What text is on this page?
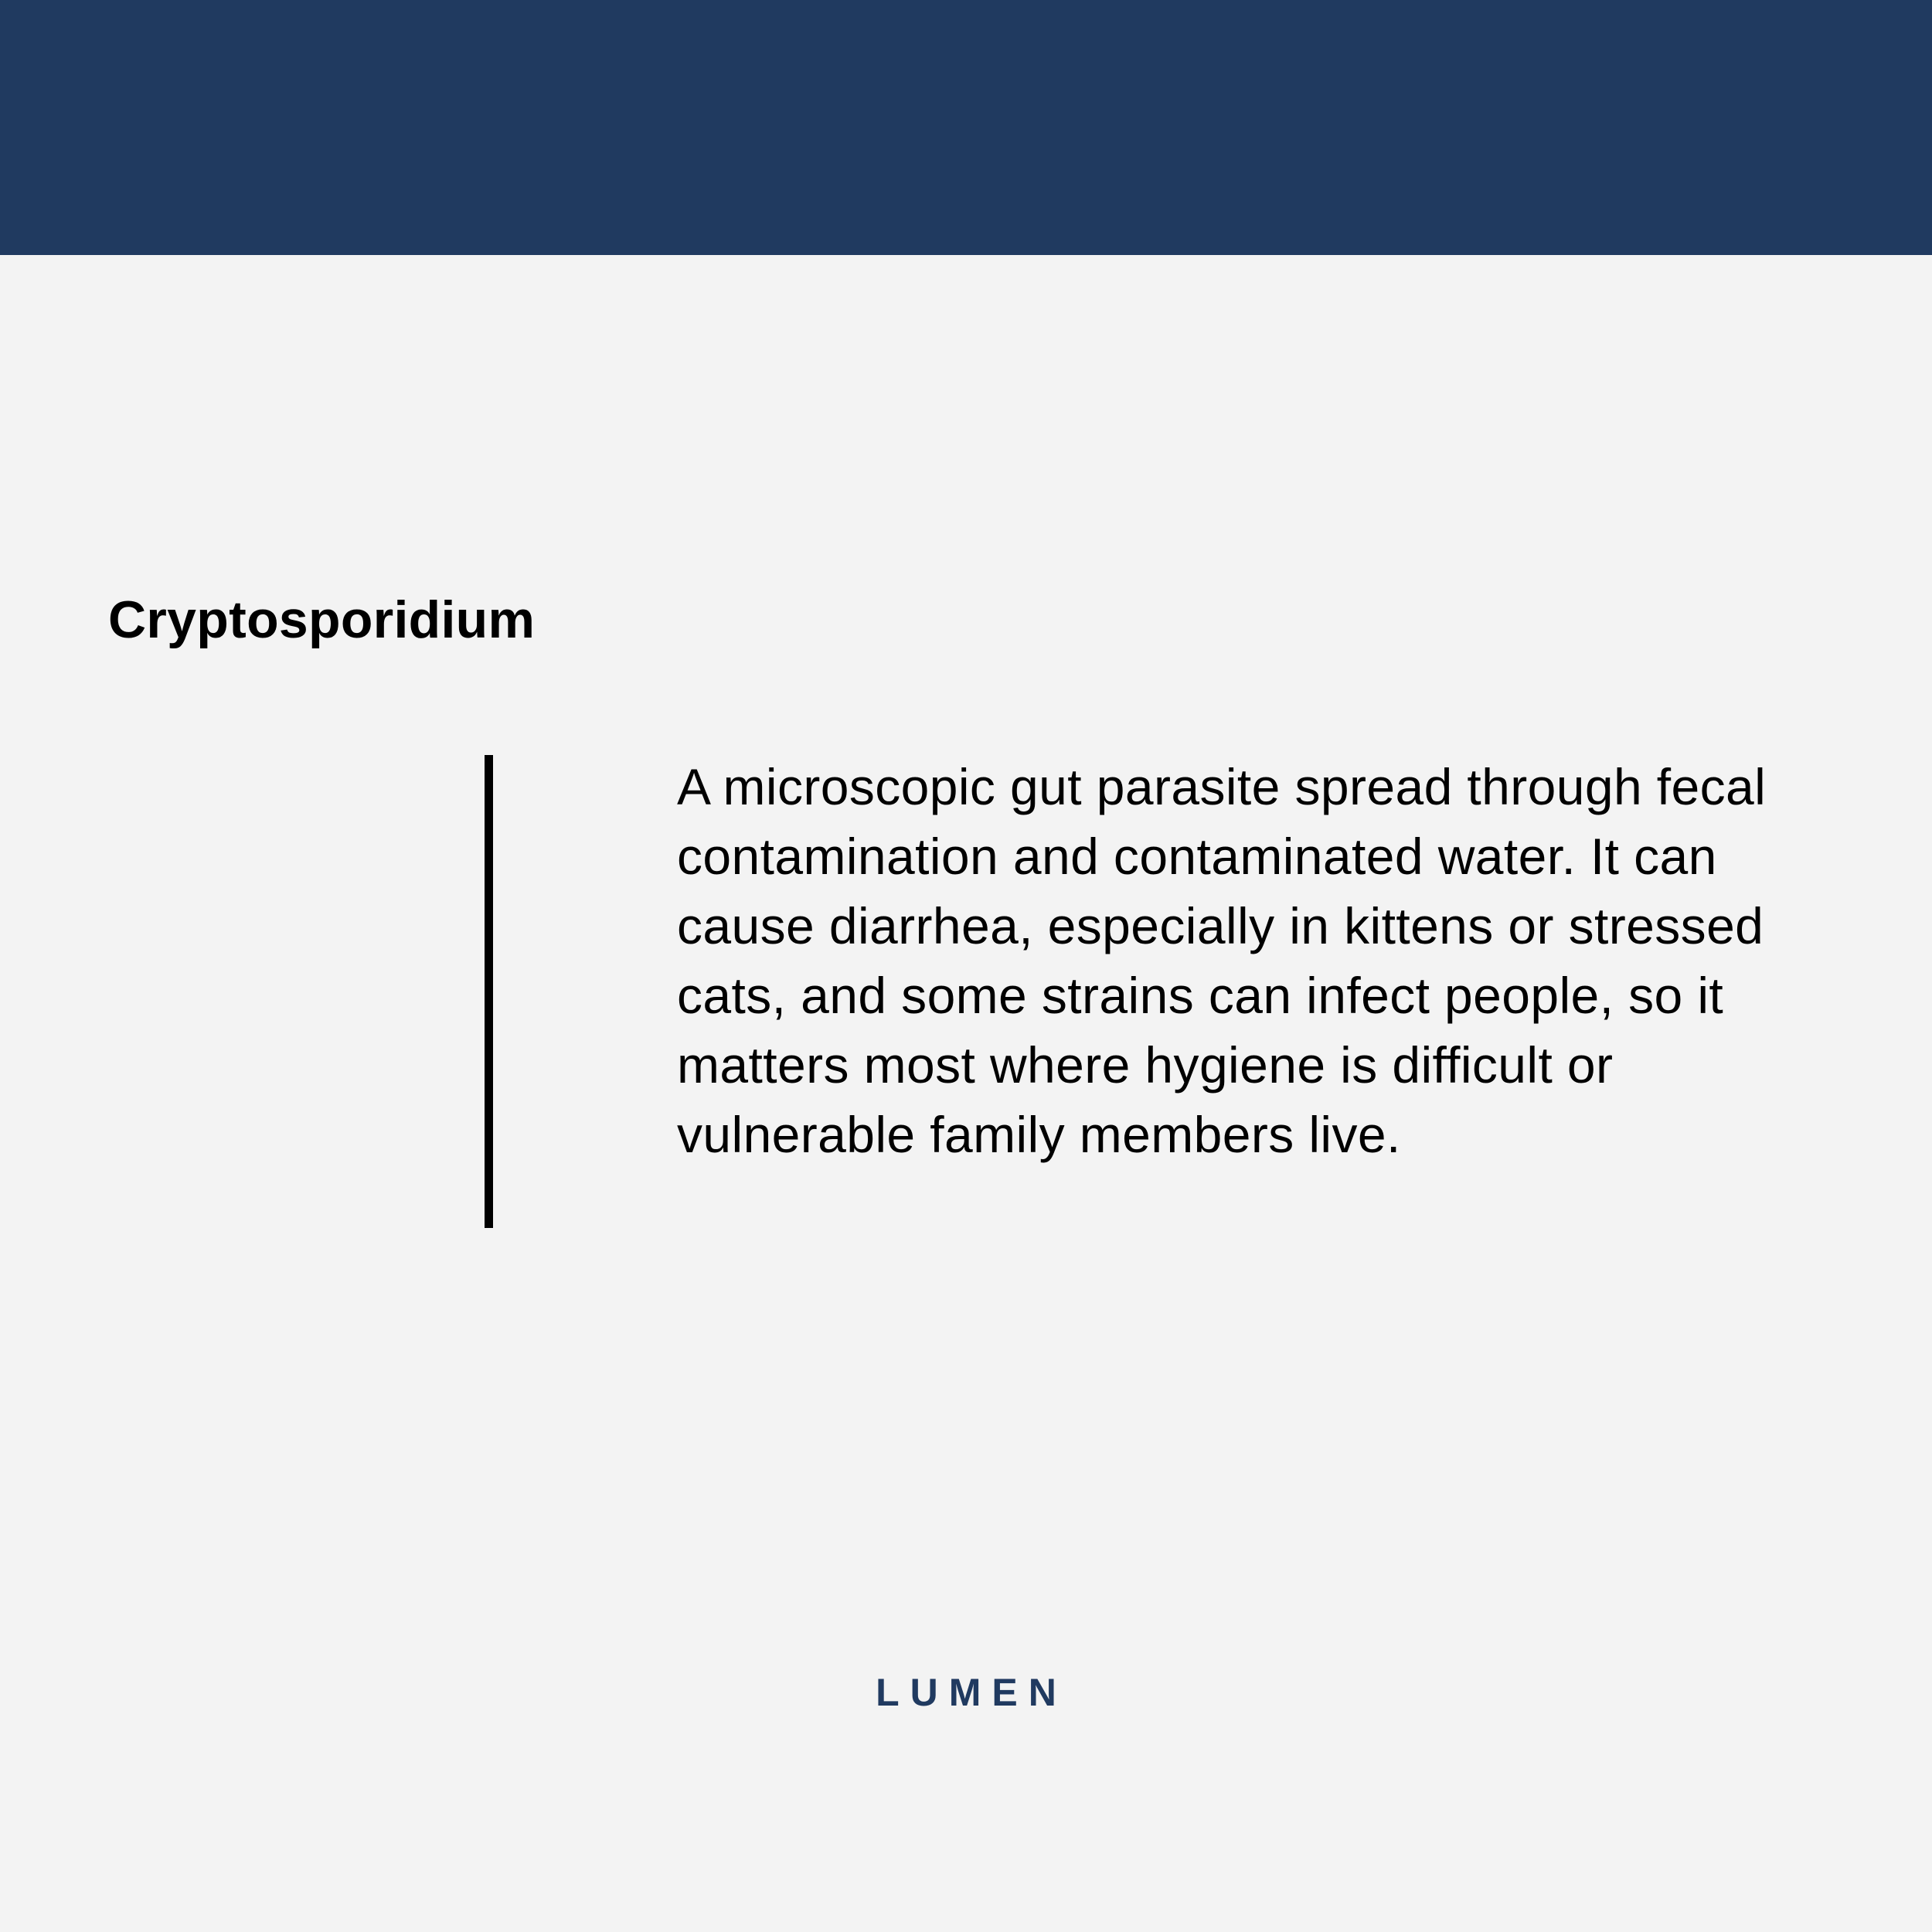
Cryptosporidium

A microscopic gut parasite spread through fecal contamination and contaminated water. It can cause diarrhea, especially in kittens or stressed cats, and some strains can infect people, so it matters most where hygiene is difficult or vulnerable family members live.

LUMEN
